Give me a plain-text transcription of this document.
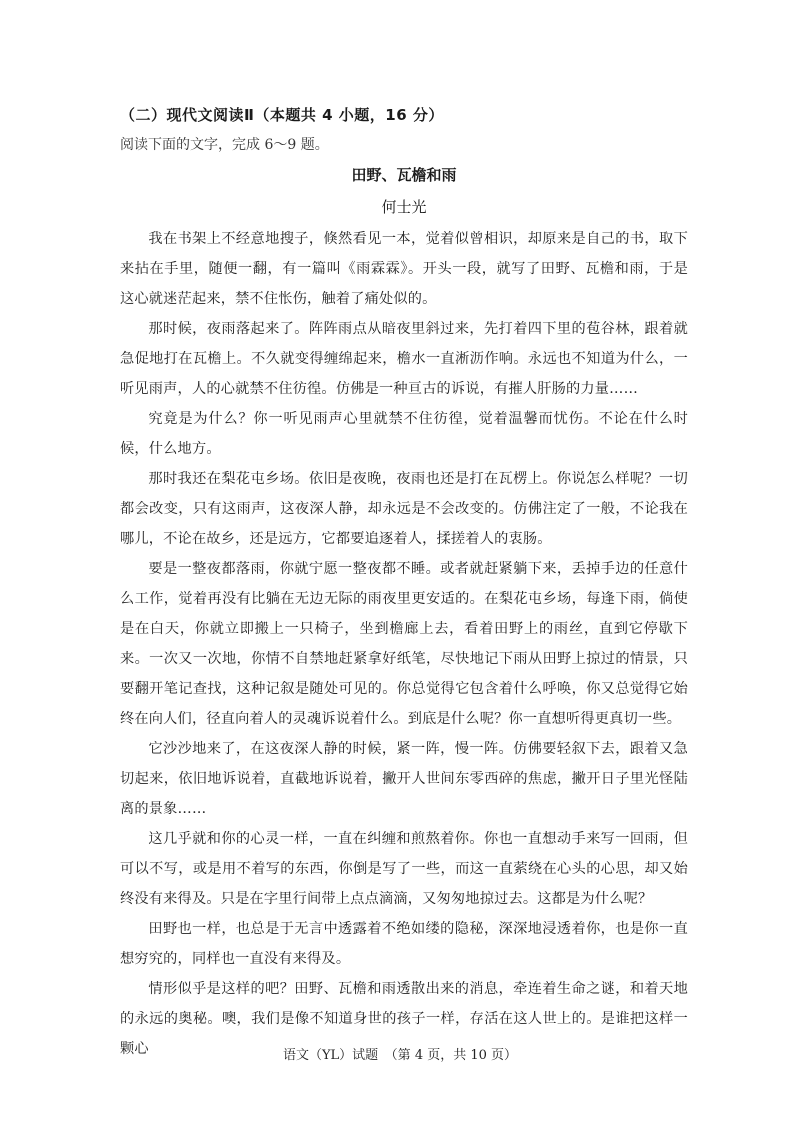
（二）现代文阅读Ⅱ（本题共 4 小题，16 分）
阅读下面的文字，完成 6～9 题。
田野、瓦檐和雨
何士光

我在书架上不经意地搜子，倏然看见一本，觉着似曾相识，却原来是自己的书，取下来拈在手里，随便一翻，有一篇叫《雨霖霖》。开头一段，就写了田野、瓦檐和雨，于是这心就迷茫起来，禁不住怅伤，触着了痛处似的。

那时候，夜雨落起来了。阵阵雨点从暗夜里斜过来，先打着四下里的苞谷林，跟着就急促地打在瓦檐上。不久就变得缠绵起来，檐水一直淅沥作响。永远也不知道为什么，一听见雨声，人的心就禁不住彷徨。仿佛是一种亘古的诉说，有摧人肝肠的力量……

究竟是为什么？你一听见雨声心里就禁不住彷徨，觉着温馨而忧伤。不论在什么时候，什么地方。

那时我还在梨花屯乡场。依旧是夜晚，夜雨也还是打在瓦楞上。你说怎么样呢？一切都会改变，只有这雨声，这夜深人静，却永远是不会改变的。仿佛注定了一般，不论我在哪儿，不论在故乡，还是远方，它都要追逐着人，揉搓着人的衷肠。

要是一整夜都落雨，你就宁愿一整夜都不睡。或者就赶紧躺下来，丢掉手边的任意什么工作，觉着再没有比躺在无边无际的雨夜里更安适的。在梨花屯乡场，每逢下雨，倘使是在白天，你就立即搬上一只椅子，坐到檐廊上去，看着田野上的雨丝，直到它停歇下来。一次又一次地，你情不自禁地赶紧拿好纸笔，尽快地记下雨从田野上掠过的情景，只要翻开笔记查找，这种记叙是随处可见的。你总觉得它包含着什么呼唤，你又总觉得它始终在向人们，径直向着人的灵魂诉说着什么。到底是什么呢？你一直想听得更真切一些。

它沙沙地来了，在这夜深人静的时候，紧一阵，慢一阵。仿佛要轻叙下去，跟着又急切起来，依旧地诉说着，直截地诉说着，撇开人世间东零西碎的焦虑，撇开日子里光怪陆离的景象……

这几乎就和你的心灵一样，一直在纠缠和煎熬着你。你也一直想动手来写一回雨，但可以不写，或是用不着写的东西，你倒是写了一些，而这一直萦绕在心头的心思，却又始终没有来得及。只是在字里行间带上点点滴滴，又匆匆地掠过去。这都是为什么呢？

田野也一样，也总是于无言中透露着不绝如缕的隐秘，深深地浸透着你，也是你一直想穷究的，同样也一直没有来得及。

情形似乎是这样的吧？田野、瓦檐和雨透散出来的消息，牵连着生命之谜，和着天地的永远的奥秘。噢，我们是像不知道身世的孩子一样，存活在这人世上的。是谁把这样一颗心	语文（YL）试题　（第 4 页，共 10 页）
